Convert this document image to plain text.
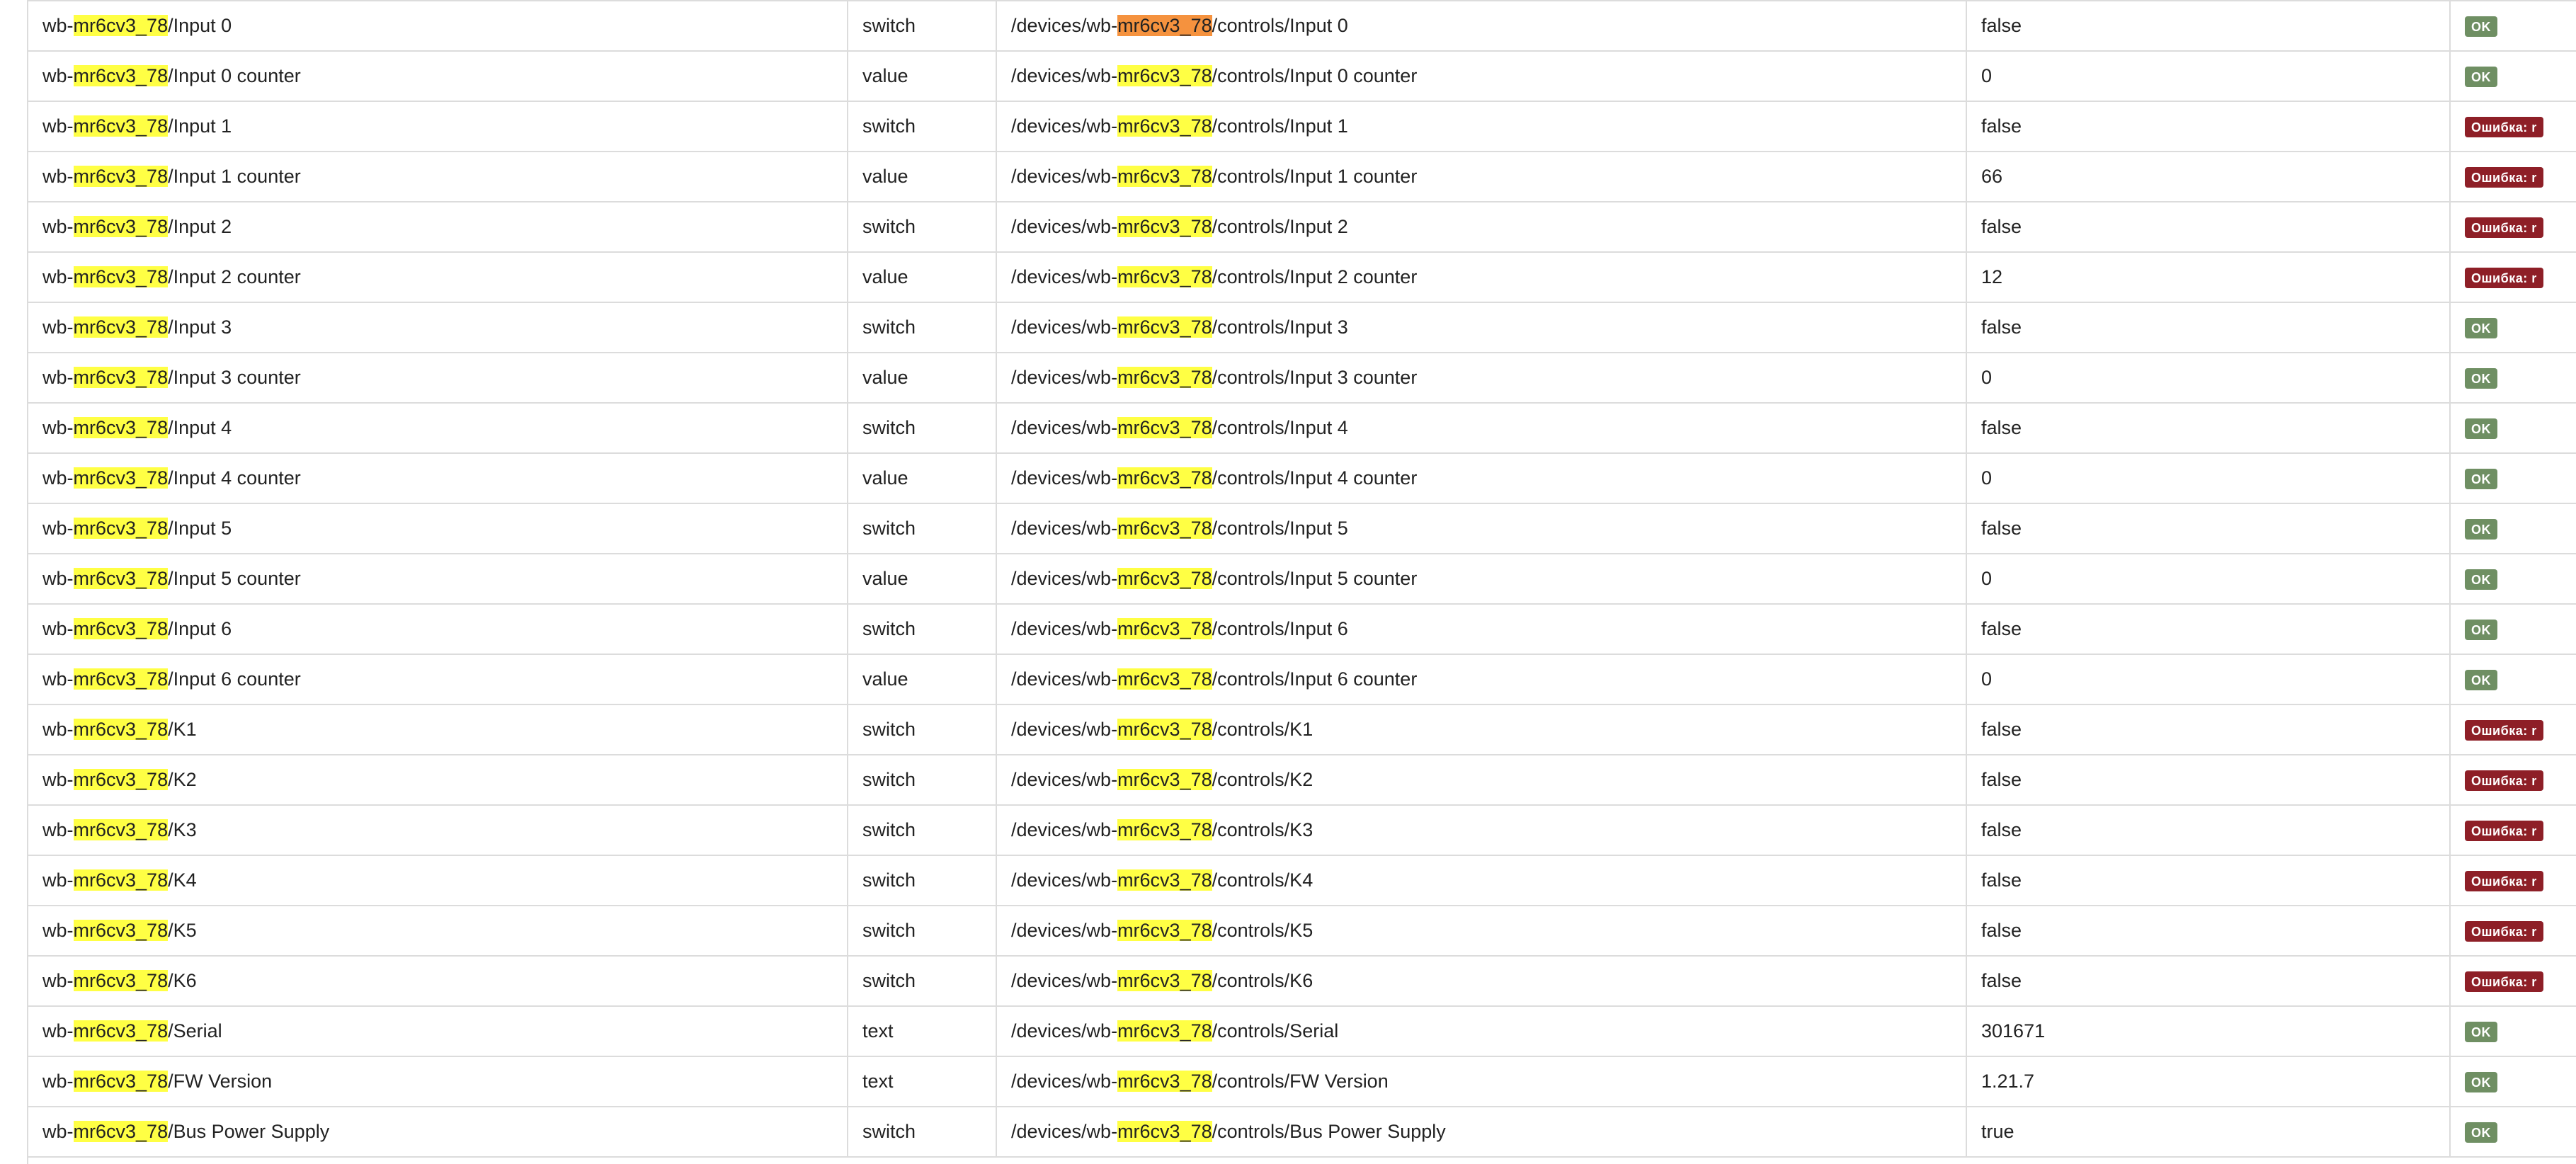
wb-mr6cv3_78/Input 0	switch	/devices/wb-mr6cv3_78/controls/Input 0	false	OK
wb-mr6cv3_78/Input 0 counter	value	/devices/wb-mr6cv3_78/controls/Input 0 counter	0	OK
wb-mr6cv3_78/Input 1	switch	/devices/wb-mr6cv3_78/controls/Input 1	false	Ошибка: r
wb-mr6cv3_78/Input 1 counter	value	/devices/wb-mr6cv3_78/controls/Input 1 counter	66	Ошибка: r
wb-mr6cv3_78/Input 2	switch	/devices/wb-mr6cv3_78/controls/Input 2	false	Ошибка: r
wb-mr6cv3_78/Input 2 counter	value	/devices/wb-mr6cv3_78/controls/Input 2 counter	12	Ошибка: r
wb-mr6cv3_78/Input 3	switch	/devices/wb-mr6cv3_78/controls/Input 3	false	OK
wb-mr6cv3_78/Input 3 counter	value	/devices/wb-mr6cv3_78/controls/Input 3 counter	0	OK
wb-mr6cv3_78/Input 4	switch	/devices/wb-mr6cv3_78/controls/Input 4	false	OK
wb-mr6cv3_78/Input 4 counter	value	/devices/wb-mr6cv3_78/controls/Input 4 counter	0	OK
wb-mr6cv3_78/Input 5	switch	/devices/wb-mr6cv3_78/controls/Input 5	false	OK
wb-mr6cv3_78/Input 5 counter	value	/devices/wb-mr6cv3_78/controls/Input 5 counter	0	OK
wb-mr6cv3_78/Input 6	switch	/devices/wb-mr6cv3_78/controls/Input 6	false	OK
wb-mr6cv3_78/Input 6 counter	value	/devices/wb-mr6cv3_78/controls/Input 6 counter	0	OK
wb-mr6cv3_78/K1	switch	/devices/wb-mr6cv3_78/controls/K1	false	Ошибка: r
wb-mr6cv3_78/K2	switch	/devices/wb-mr6cv3_78/controls/K2	false	Ошибка: r
wb-mr6cv3_78/K3	switch	/devices/wb-mr6cv3_78/controls/K3	false	Ошибка: r
wb-mr6cv3_78/K4	switch	/devices/wb-mr6cv3_78/controls/K4	false	Ошибка: r
wb-mr6cv3_78/K5	switch	/devices/wb-mr6cv3_78/controls/K5	false	Ошибка: r
wb-mr6cv3_78/K6	switch	/devices/wb-mr6cv3_78/controls/K6	false	Ошибка: r
wb-mr6cv3_78/Serial	text	/devices/wb-mr6cv3_78/controls/Serial	301671	OK
wb-mr6cv3_78/FW Version	text	/devices/wb-mr6cv3_78/controls/FW Version	1.21.7	OK
wb-mr6cv3_78/Bus Power Supply	switch	/devices/wb-mr6cv3_78/controls/Bus Power Supply	true	OK
